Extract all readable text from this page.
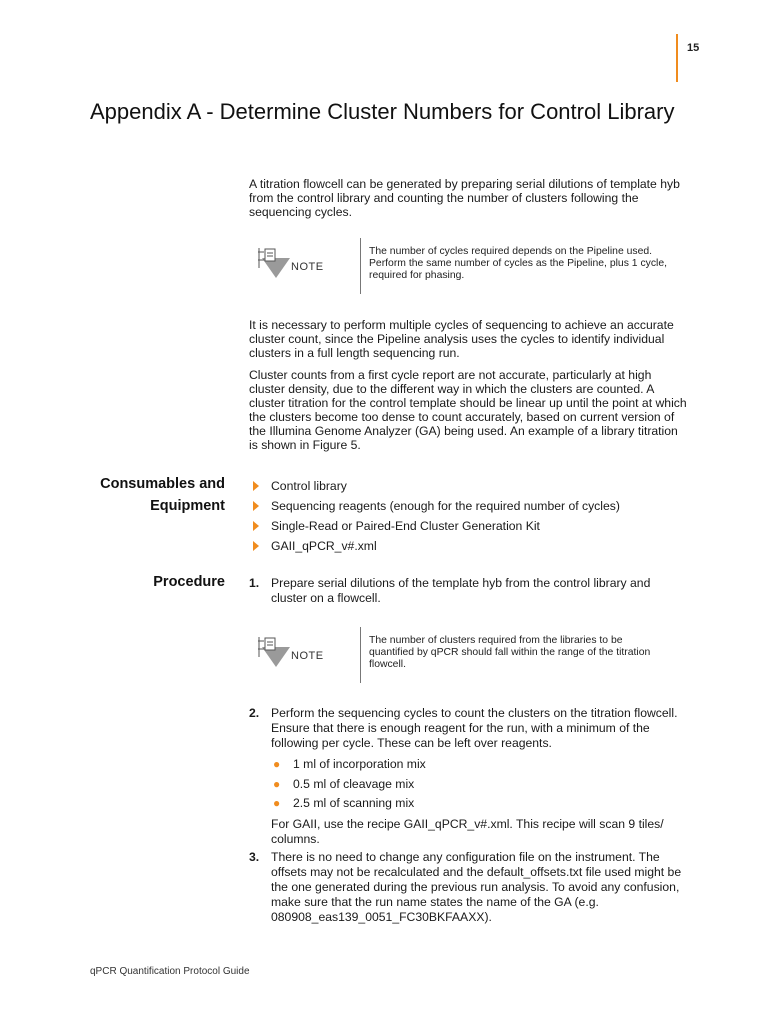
15
Appendix A - Determine Cluster Numbers for Control Library

A titration flowcell can be generated by preparing serial dilutions of template hyb from the control library and counting the number of clusters following the sequencing cycles.

NOTE

The number of cycles required depends on the Pipeline used. Perform the same number of cycles as the Pipeline, plus 1 cycle, required for phasing.

It is necessary to perform multiple cycles of sequencing to achieve an accurate cluster count, since the Pipeline analysis uses the cycles to identify individual clusters in a full length sequencing run.

Cluster counts from a first cycle report are not accurate, particularly at high cluster density, due to the different way in which the clusters are counted. A cluster titration for the control template should be linear up until the point at which the clusters become too dense to count accurately, based on current version of the Illumina Genome Analyzer (GA) being used. An example of a library titration is shown in Figure 5.

Consumables and Equipment
Control library
Sequencing reagents (enough for the required number of cycles)
Single-Read or Paired-End Cluster Generation Kit
GAII_qPCR_v#.xml
Procedure 1. Prepare serial dilutions of the template hyb from the control library and cluster on a flowcell.
NOTE

The number of clusters required from the libraries to be quantified by qPCR should fall within the range of the titration flowcell.

2. Perform the sequencing cycles to count the clusters on the titration flowcell. Ensure that there is enough reagent for the run, with a minimum of the following per cycle. These can be left over reagents.
● 1 ml of incorporation mix
● 0.5 ml of cleavage mix
● 2.5 ml of scanning mix
For GAII, use the recipe GAII_qPCR_v#.xml. This recipe will scan 9 tiles/ columns.
3. There is no need to change any configuration file on the instrument. The offsets may not be recalculated and the default_offsets.txt file used might be the one generated during the previous run analysis. To avoid any confusion, make sure that the run name states the name of the GA (e.g. 080908_eas139_0051_FC30BKFAAXX).
qPCR Quantification Protocol Guide
